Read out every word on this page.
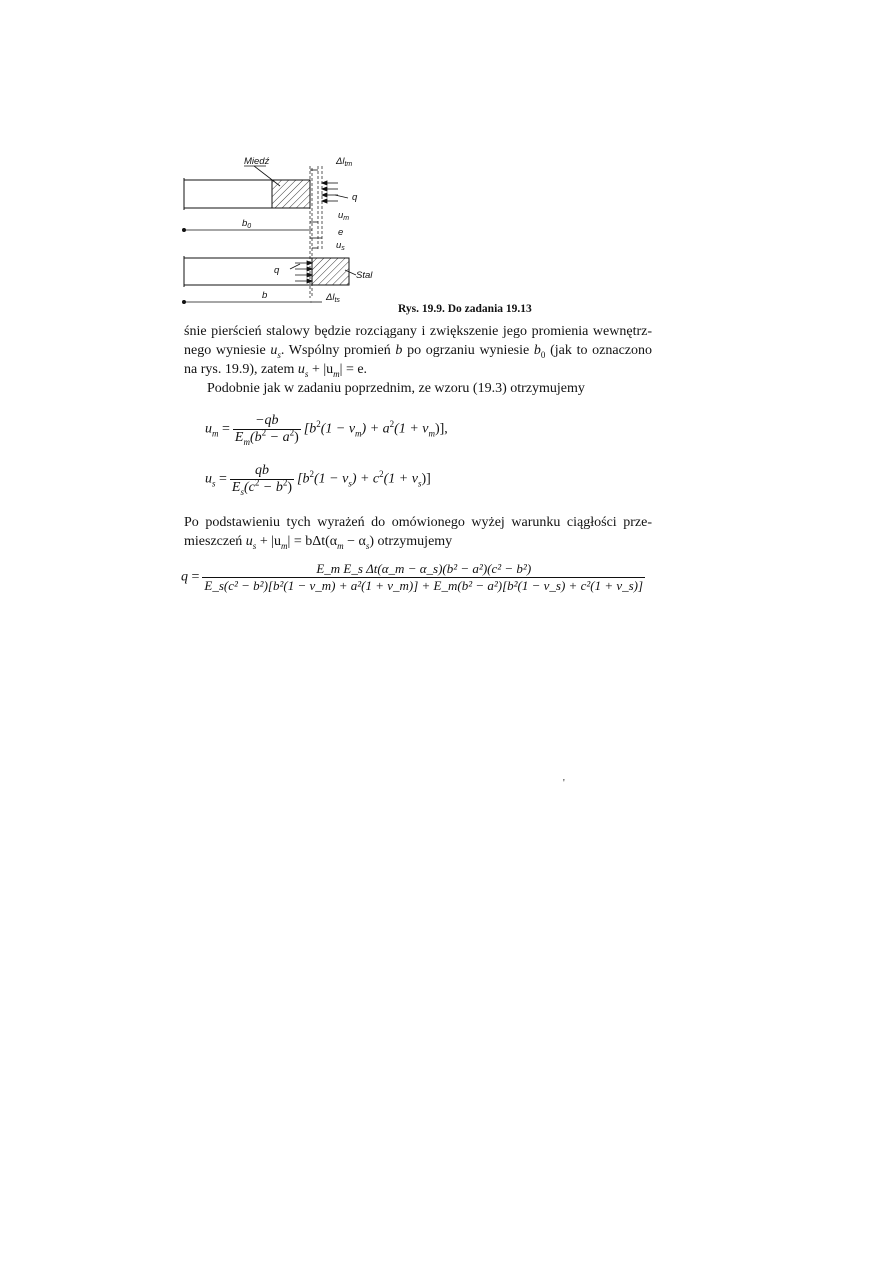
Miedź	$\Delta l_{tm}$
q
$u_m$
$b_0$
e
$u_s$
q	Stal
b	$\Delta l_{ts}$
Rys. 19.9. Do zadania 19.13
śnie pierścień stalowy będzie rozciągany i zwiększenie jego promienia wewnętrz-nego wyniesie $u_s$. Wspólny promień b po ogrzaniu wyniesie $b_0$ (jak to oznaczono na rys. 19.9), zatem $u_s + |u_m| = e$.
Podobnie jak w zadaniu poprzednim, ze wzoru (19.3) otrzymujemy
$u_m = \frac{-qb}{E_m(b^2 - a^2)} [b^2(1 - \nu_m) + a^2(1 + \nu_m)]$,
$u_s = \frac{qb}{E_s(c^2 - b^2)} [b^2(1 - \nu_s) + c^2(1 + \nu_s)]$
Po podstawieniu tych wyrażeń do omówionego wyżej warunku ciągłości prze-mieszczeń $u_s + |u_m| = b\Delta t(\alpha_m - \alpha_s)$ otrzymujemy
q =
E_m E_s Δt(α_m − α_s)(b² − a²)(c² − b²)
E_s(c² − b²)[b²(1 − ν_m) + a²(1 + ν_m)] + E_m(b² − a²)[b²(1 − ν_s) + c²(1 + ν_s)]
'
